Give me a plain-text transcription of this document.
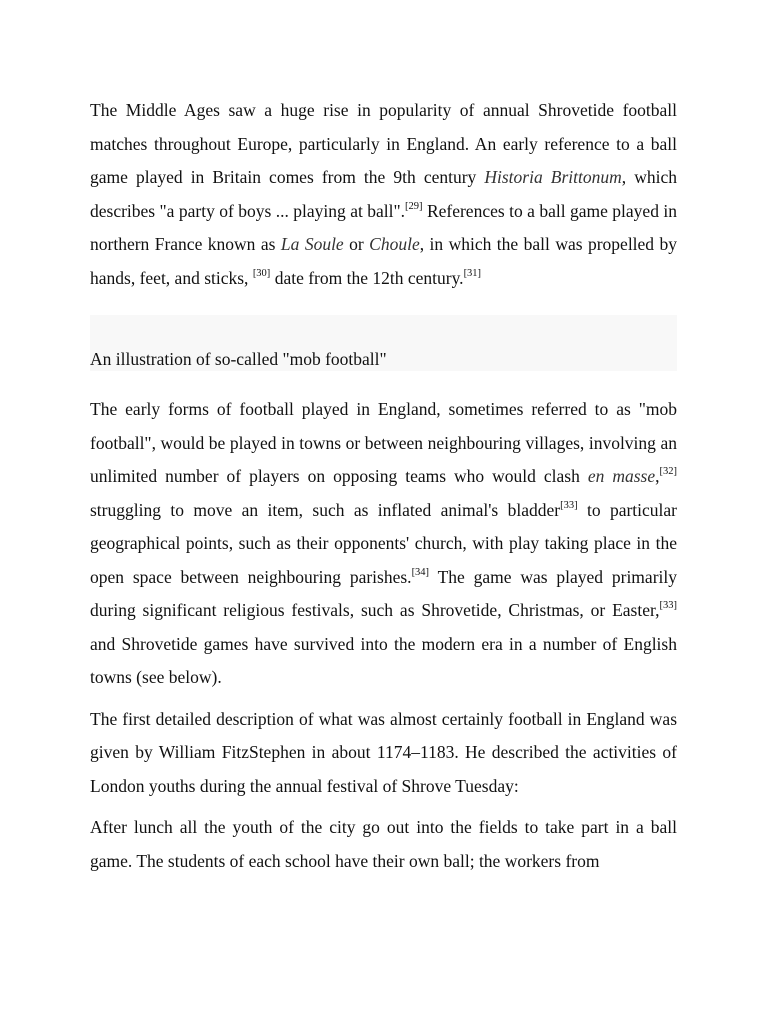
The Middle Ages saw a huge rise in popularity of annual Shrovetide football matches throughout Europe, particularly in England. An early reference to a ball game played in Britain comes from the 9th century Historia Brittonum, which describes "a party of boys ... playing at ball".[29] References to a ball game played in northern France known as La Soule or Choule, in which the ball was propelled by hands, feet, and sticks, [30] date from the 12th century.[31]

An illustration of so-called "mob football"

The early forms of football played in England, sometimes referred to as "mob football", would be played in towns or between neighbouring villages, involving an unlimited number of players on opposing teams who would clash en masse,[32] struggling to move an item, such as inflated animal's bladder[33] to particular geographical points, such as their opponents' church, with play taking place in the open space between neighbouring parishes.[34] The game was played primarily during significant religious festivals, such as Shrovetide, Christmas, or Easter,[33] and Shrovetide games have survived into the modern era in a number of English towns (see below).

The first detailed description of what was almost certainly football in England was given by William FitzStephen in about 1174–1183. He described the activities of London youths during the annual festival of Shrove Tuesday:

After lunch all the youth of the city go out into the fields to take part in a ball game. The students of each school have their own ball; the workers from
